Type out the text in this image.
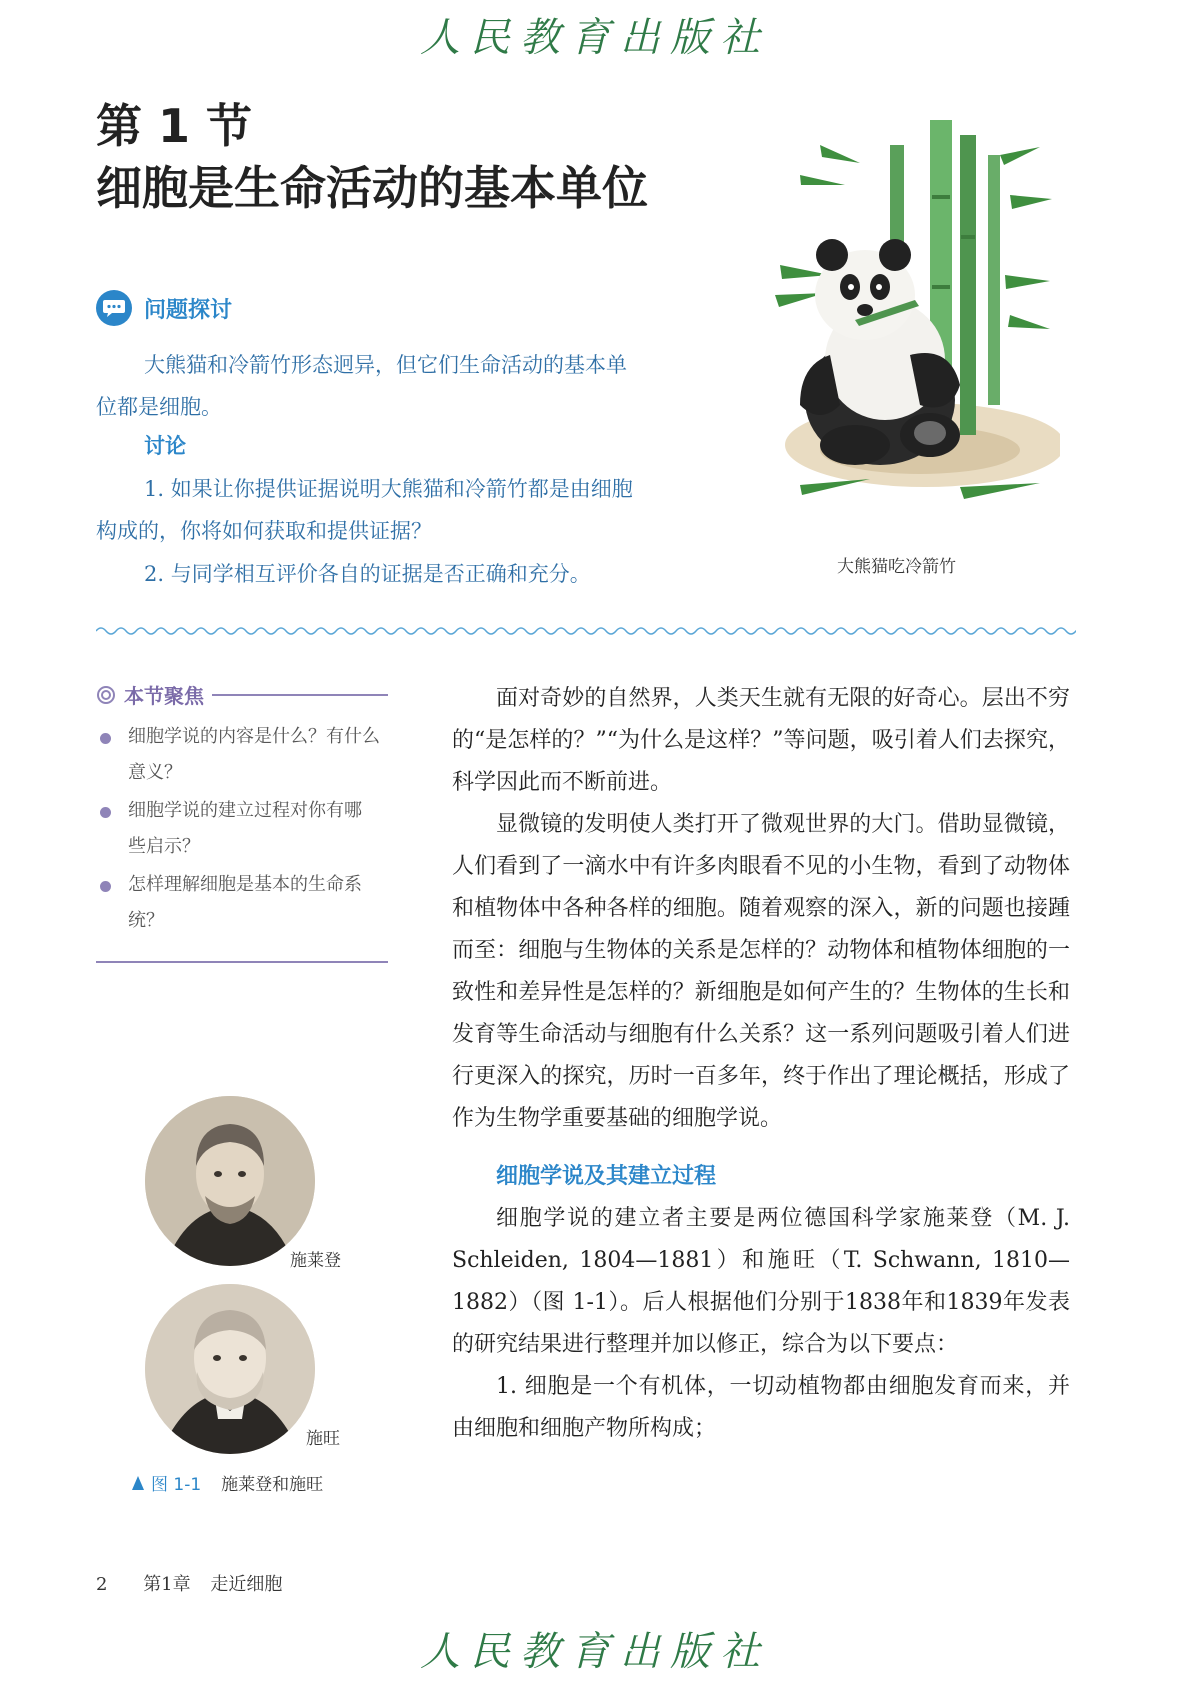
人民教育出版社
第 1 节
细胞是生命活动的基本单位
问题探讨
大熊猫和冷箭竹形态迥异，但它们生命活动的基本单
位都是细胞。
讨论
1. 如果让你提供证据说明大熊猫和冷箭竹都是由细胞
构成的，你将如何获取和提供证据？
2. 与同学相互评价各自的证据是否正确和充分。	大熊猫吃冷箭竹
本节聚焦
细胞学说的内容是什么？有什么
意义？
细胞学说的建立过程对你有哪
些启示？
怎样理解细胞是基本的生命系
统？

面对奇妙的自然界，人类天生就有无限的好奇心。层出不穷的“是怎样的？”“为什么是这样？”等问题，吸引着人们去探究，科学因此而不断前进。

显微镜的发明使人类打开了微观世界的大门。借助显微镜，人们看到了一滴水中有许多肉眼看不见的小生物，看到了动物体和植物体中各种各样的细胞。随着观察的深入，新的问题也接踵而至：细胞与生物体的关系是怎样的？动物体和植物体细胞的一致性和差异性是怎样的？新细胞是如何产生的？生物体的生长和发育等生命活动与细胞有什么关系？这一系列问题吸引着人们进行更深入的探究，历时一百多年，终于作出了理论概括，形成了作为生物学重要基础的细胞学说。

细胞学说及其建立过程

细胞学说的建立者主要是两位德国科学家施莱登（M. J. Schleiden, 1804—1881）和施旺（T. Schwann, 1810—1882）（图 1-1）。后人根据他们分别于1838年和1839年发表的研究结果进行整理并加以修正，综合为以下要点：

1. 细胞是一个有机体，一切动植物都由细胞发育而来，并由细胞和细胞产物所构成；

施莱登
施旺
图 1-1 施莱登和施旺
2 第1章 走近细胞
人民教育出版社
